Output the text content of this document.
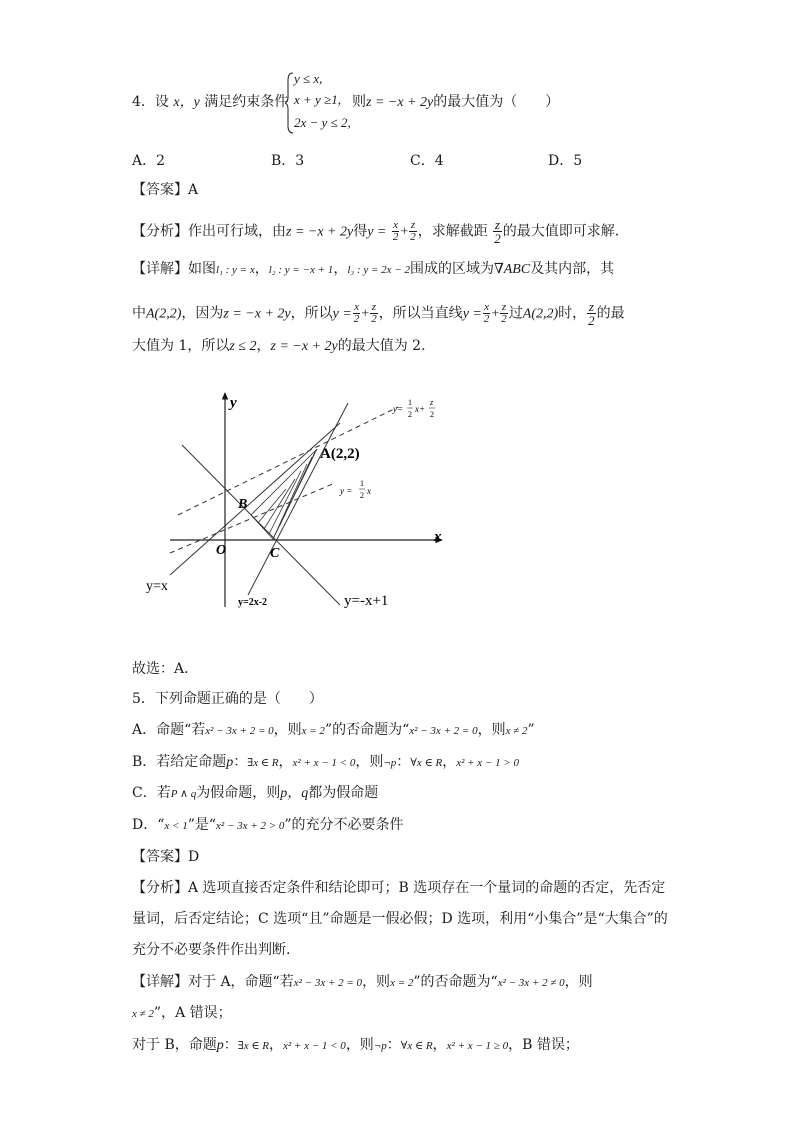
4．设 x，y 满足约束条件
y ≤ x,
x + y ≥1,
2x − y ≤ 2,
则z = −x + 2y的最大值为（　　）
A．2	B．3	C．4	D．5
【答案】A
【分析】作出可行域，由z = −x + 2y得$y = \frac{x}{2} + \frac{z}{2}$ ，求解截距 $\frac{z}{2}$ 的最大值即可求解.
【详解】如图l₁ : y = x，l₂ : y = −x + 1，l₃ : y = 2x − 2围成的区域为∇ABC及其内部，其
中A(2,2)，因为z = −x + 2y，所以$y = \frac{x}{2} + \frac{z}{2}$ ，所以当直线$y = \frac{x}{2} + \frac{z}{2}$ 过A(2,2)时， $\frac{z}{2}$ 的最
大值为 1，所以z ≤ 2，z = −x + 2y的最大值为 2.
y
x
O
B
C
A(2,2)
y=x
y=2x-2	y=-x+1
y =
1
2 x
y=
1
2
x+
z
2
故选：A．
5．下列命题正确的是（　　）
A．命题“若x² − 3x + 2 = 0，则x = 2”的否命题为“x² − 3x + 2 = 0，则x ≠ 2”
B．若给定命题p：∃x ∈ R，x² + x − 1 < 0，则¬p：∀x ∈ R，x² + x − 1 > 0
C．若P ∧ q为假命题，则p，q都为假命题
D．“x < 1”是“x² − 3x + 2 > 0”的充分不必要条件
【答案】D
【分析】A 选项直接否定条件和结论即可；B 选项存在一个量词的命题的否定，先否定
量词，后否定结论；C 选项“且”命题是一假必假；D 选项，利用“小集合”是“大集合”的
充分不必要条件作出判断.
【详解】对于 A，命题“若x² − 3x + 2 = 0，则x = 2”的否命题为“x² − 3x + 2 ≠ 0，则
x ≠ 2”，A 错误；
对于 B，命题p：∃x ∈ R，x² + x − 1 < 0，则¬p：∀x ∈ R，x² + x − 1 ≥ 0，B 错误；
